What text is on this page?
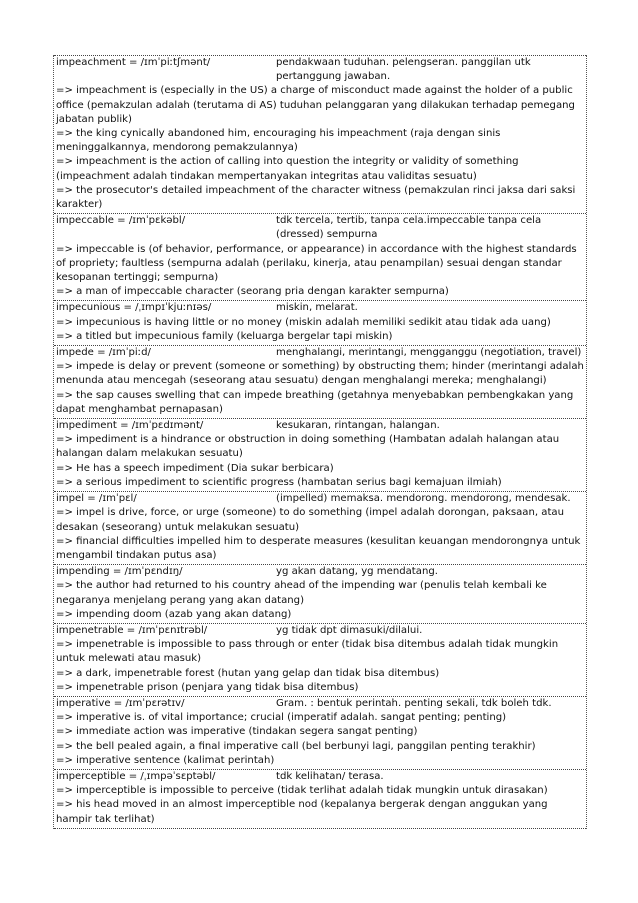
impeachment = /ɪmˈpiːtʃmənt/	pendakwaan tuduhan. pelengseran. panggilan utk pertanggung jawaban.
=> impeachment is (especially in the US) a charge of misconduct made against the holder of a public office (pemakzulan adalah (terutama di AS) tuduhan pelanggaran yang dilakukan terhadap pemegang jabatan publik)
=> the king cynically abandoned him, encouraging his impeachment (raja dengan sinis meninggalkannya, mendorong pemakzulannya)
=> impeachment is the action of calling into question the integrity or validity of something (impeachment adalah tindakan mempertanyakan integritas atau validitas sesuatu)
=> the prosecutor's detailed impeachment of the character witness (pemakzulan rinci jaksa dari saksi karakter)
impeccable = /ɪmˈpɛkəbl/	tdk tercela, tertib, tanpa cela.impeccable tanpa cela (dressed) sempurna
=> impeccable is (of behavior, performance, or appearance) in accordance with the highest standards of propriety; faultless (sempurna adalah (perilaku, kinerja, atau penampilan) sesuai dengan standar kesopanan tertinggi; sempurna)
=> a man of impeccable character (seorang pria dengan karakter sempurna)
impecunious = /ˌɪmpɪˈkjuːnɪəs/	miskin, melarat.
=> impecunious is having little or no money (miskin adalah memiliki sedikit atau tidak ada uang)
=> a titled but impecunious family (keluarga bergelar tapi miskin)
impede = /ɪmˈpiːd/	menghalangi, merintangi, mengganggu (negotiation, travel)
=> impede is delay or prevent (someone or something) by obstructing them; hinder (merintangi adalah menunda atau mencegah (seseorang atau sesuatu) dengan menghalangi mereka; menghalangi)
=> the sap causes swelling that can impede breathing (getahnya menyebabkan pembengkakan yang dapat menghambat pernapasan)
impediment = /ɪmˈpɛdɪmənt/	kesukaran, rintangan, halangan.
=> impediment is a hindrance or obstruction in doing something (Hambatan adalah halangan atau halangan dalam melakukan sesuatu)
=> He has a speech impediment (Dia sukar berbicara)
=> a serious impediment to scientific progress (hambatan serius bagi kemajuan ilmiah)
impel = /ɪmˈpɛl/	(impelled) memaksa. mendorong. mendorong, mendesak.
=> impel is drive, force, or urge (someone) to do something (impel adalah dorongan, paksaan, atau desakan (seseorang) untuk melakukan sesuatu)
=> financial difficulties impelled him to desperate measures (kesulitan keuangan mendorongnya untuk mengambil tindakan putus asa)
impending = /ɪmˈpɛndɪŋ/	yg akan datang, yg mendatang.
=> the author had returned to his country ahead of the impending war (penulis telah kembali ke negaranya menjelang perang yang akan datang)
=> impending doom (azab yang akan datang)
impenetrable = /ɪmˈpɛnɪtrəbl/	yg tidak dpt dimasuki/dilalui.
=> impenetrable is impossible to pass through or enter (tidak bisa ditembus adalah tidak mungkin untuk melewati atau masuk)
=> a dark, impenetrable forest (hutan yang gelap dan tidak bisa ditembus)
=> impenetrable prison (penjara yang tidak bisa ditembus)
imperative = /ɪmˈpɛrətɪv/	Gram. : bentuk perintah. penting sekali, tdk boleh tdk.
=> imperative is. of vital importance; crucial (imperatif adalah. sangat penting; penting)
=> immediate action was imperative (tindakan segera sangat penting)
=> the bell pealed again, a final imperative call (bel berbunyi lagi, panggilan penting terakhir)
=> imperative sentence (kalimat perintah)
imperceptible = /ˌɪmpəˈsɛptəbl/	tdk kelihatan/ terasa.
=> imperceptible is impossible to perceive (tidak terlihat adalah tidak mungkin untuk dirasakan)
=> his head moved in an almost imperceptible nod (kepalanya bergerak dengan anggukan yang hampir tak terlihat)
